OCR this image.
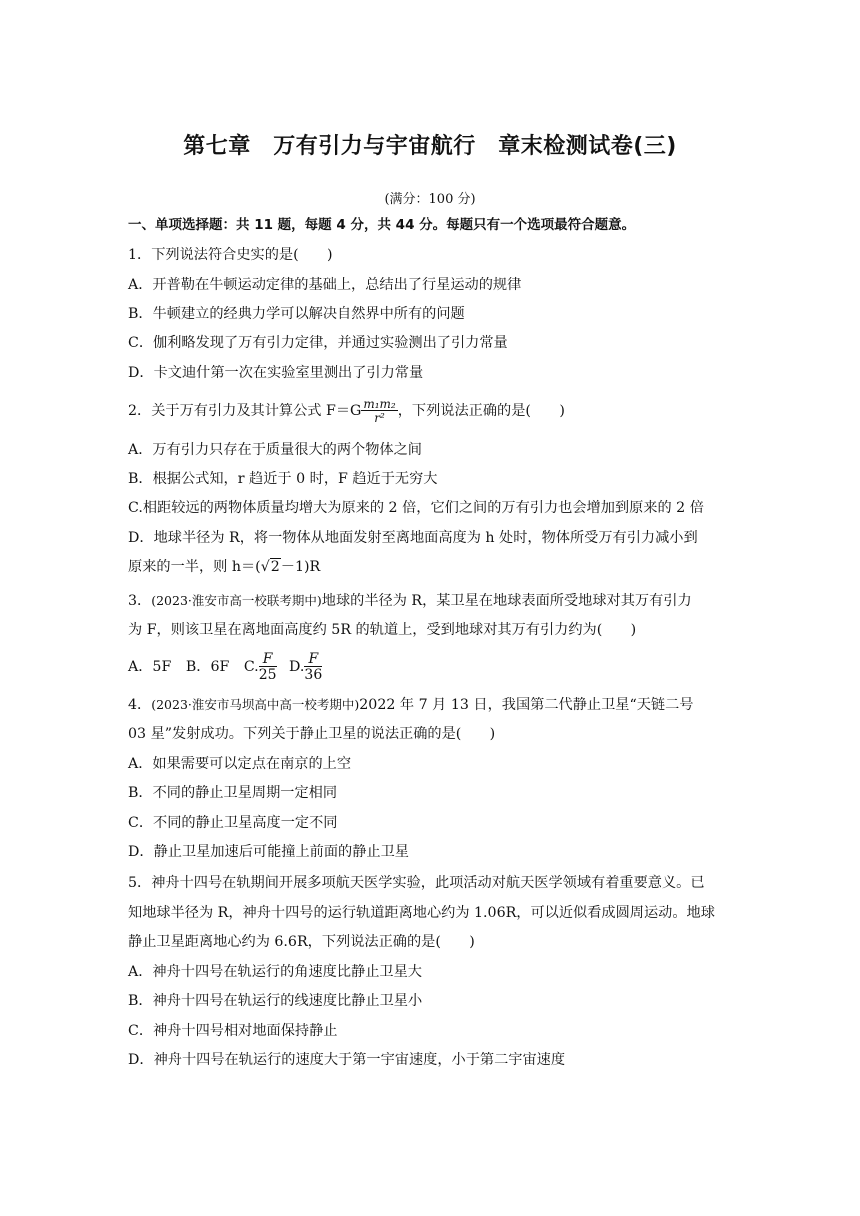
第七章　万有引力与宇宙航行　章末检测试卷(三)
(满分：100 分)
一、单项选择题：共 11 题，每题 4 分，共 44 分。每题只有一个选项最符合题意。
1．下列说法符合史实的是(　　)
A．开普勒在牛顿运动定律的基础上，总结出了行星运动的规律
B．牛顿建立的经典力学可以解决自然界中所有的问题
C．伽利略发现了万有引力定律，并通过实验测出了引力常量
D．卡文迪什第一次在实验室里测出了引力常量
2．关于万有引力及其计算公式 $F=G \frac{\text{m₁m₂}}{\text{r²}}$ ，下列说法正确的是(　　)
A．万有引力只存在于质量很大的两个物体之间
B．根据公式知，r 趋近于 0 时，F 趋近于无穷大
C.相距较远的两物体质量均增大为原来的 2 倍，它们之间的万有引力也会增加到原来的 2 倍
D．地球半径为 R，将一物体从地面发射至离地面高度为 h 处时，物体所受万有引力减小到
原来的一半，则 h＝(√2－1)R
3．(2023·淮安市高一校联考期中)地球的半径为 R，某卫星在地球表面所受地球对其万有引力
为 F，则该卫星在离地面高度约 5R 的轨道上，受到地球对其万有引力约为(　　)
A．5F B．6F C. $\frac{F}{25} D$. $\frac{F}{36}$
4．(2023·淮安市马坝高中高一校考期中)2022 年 7 月 13 日，我国第二代静止卫星“天链二号
03 星”发射成功。下列关于静止卫星的说法正确的是(　　)
A．如果需要可以定点在南京的上空
B．不同的静止卫星周期一定相同
C．不同的静止卫星高度一定不同
D．静止卫星加速后可能撞上前面的静止卫星
5．神舟十四号在轨期间开展多项航天医学实验，此项活动对航天医学领域有着重要意义。已
知地球半径为 R，神舟十四号的运行轨道距离地心约为 1.06R，可以近似看成圆周运动。地球
静止卫星距离地心约为 6.6R，下列说法正确的是(　　)
A．神舟十四号在轨运行的角速度比静止卫星大
B．神舟十四号在轨运行的线速度比静止卫星小
C．神舟十四号相对地面保持静止
D．神舟十四号在轨运行的速度大于第一宇宙速度，小于第二宇宙速度
